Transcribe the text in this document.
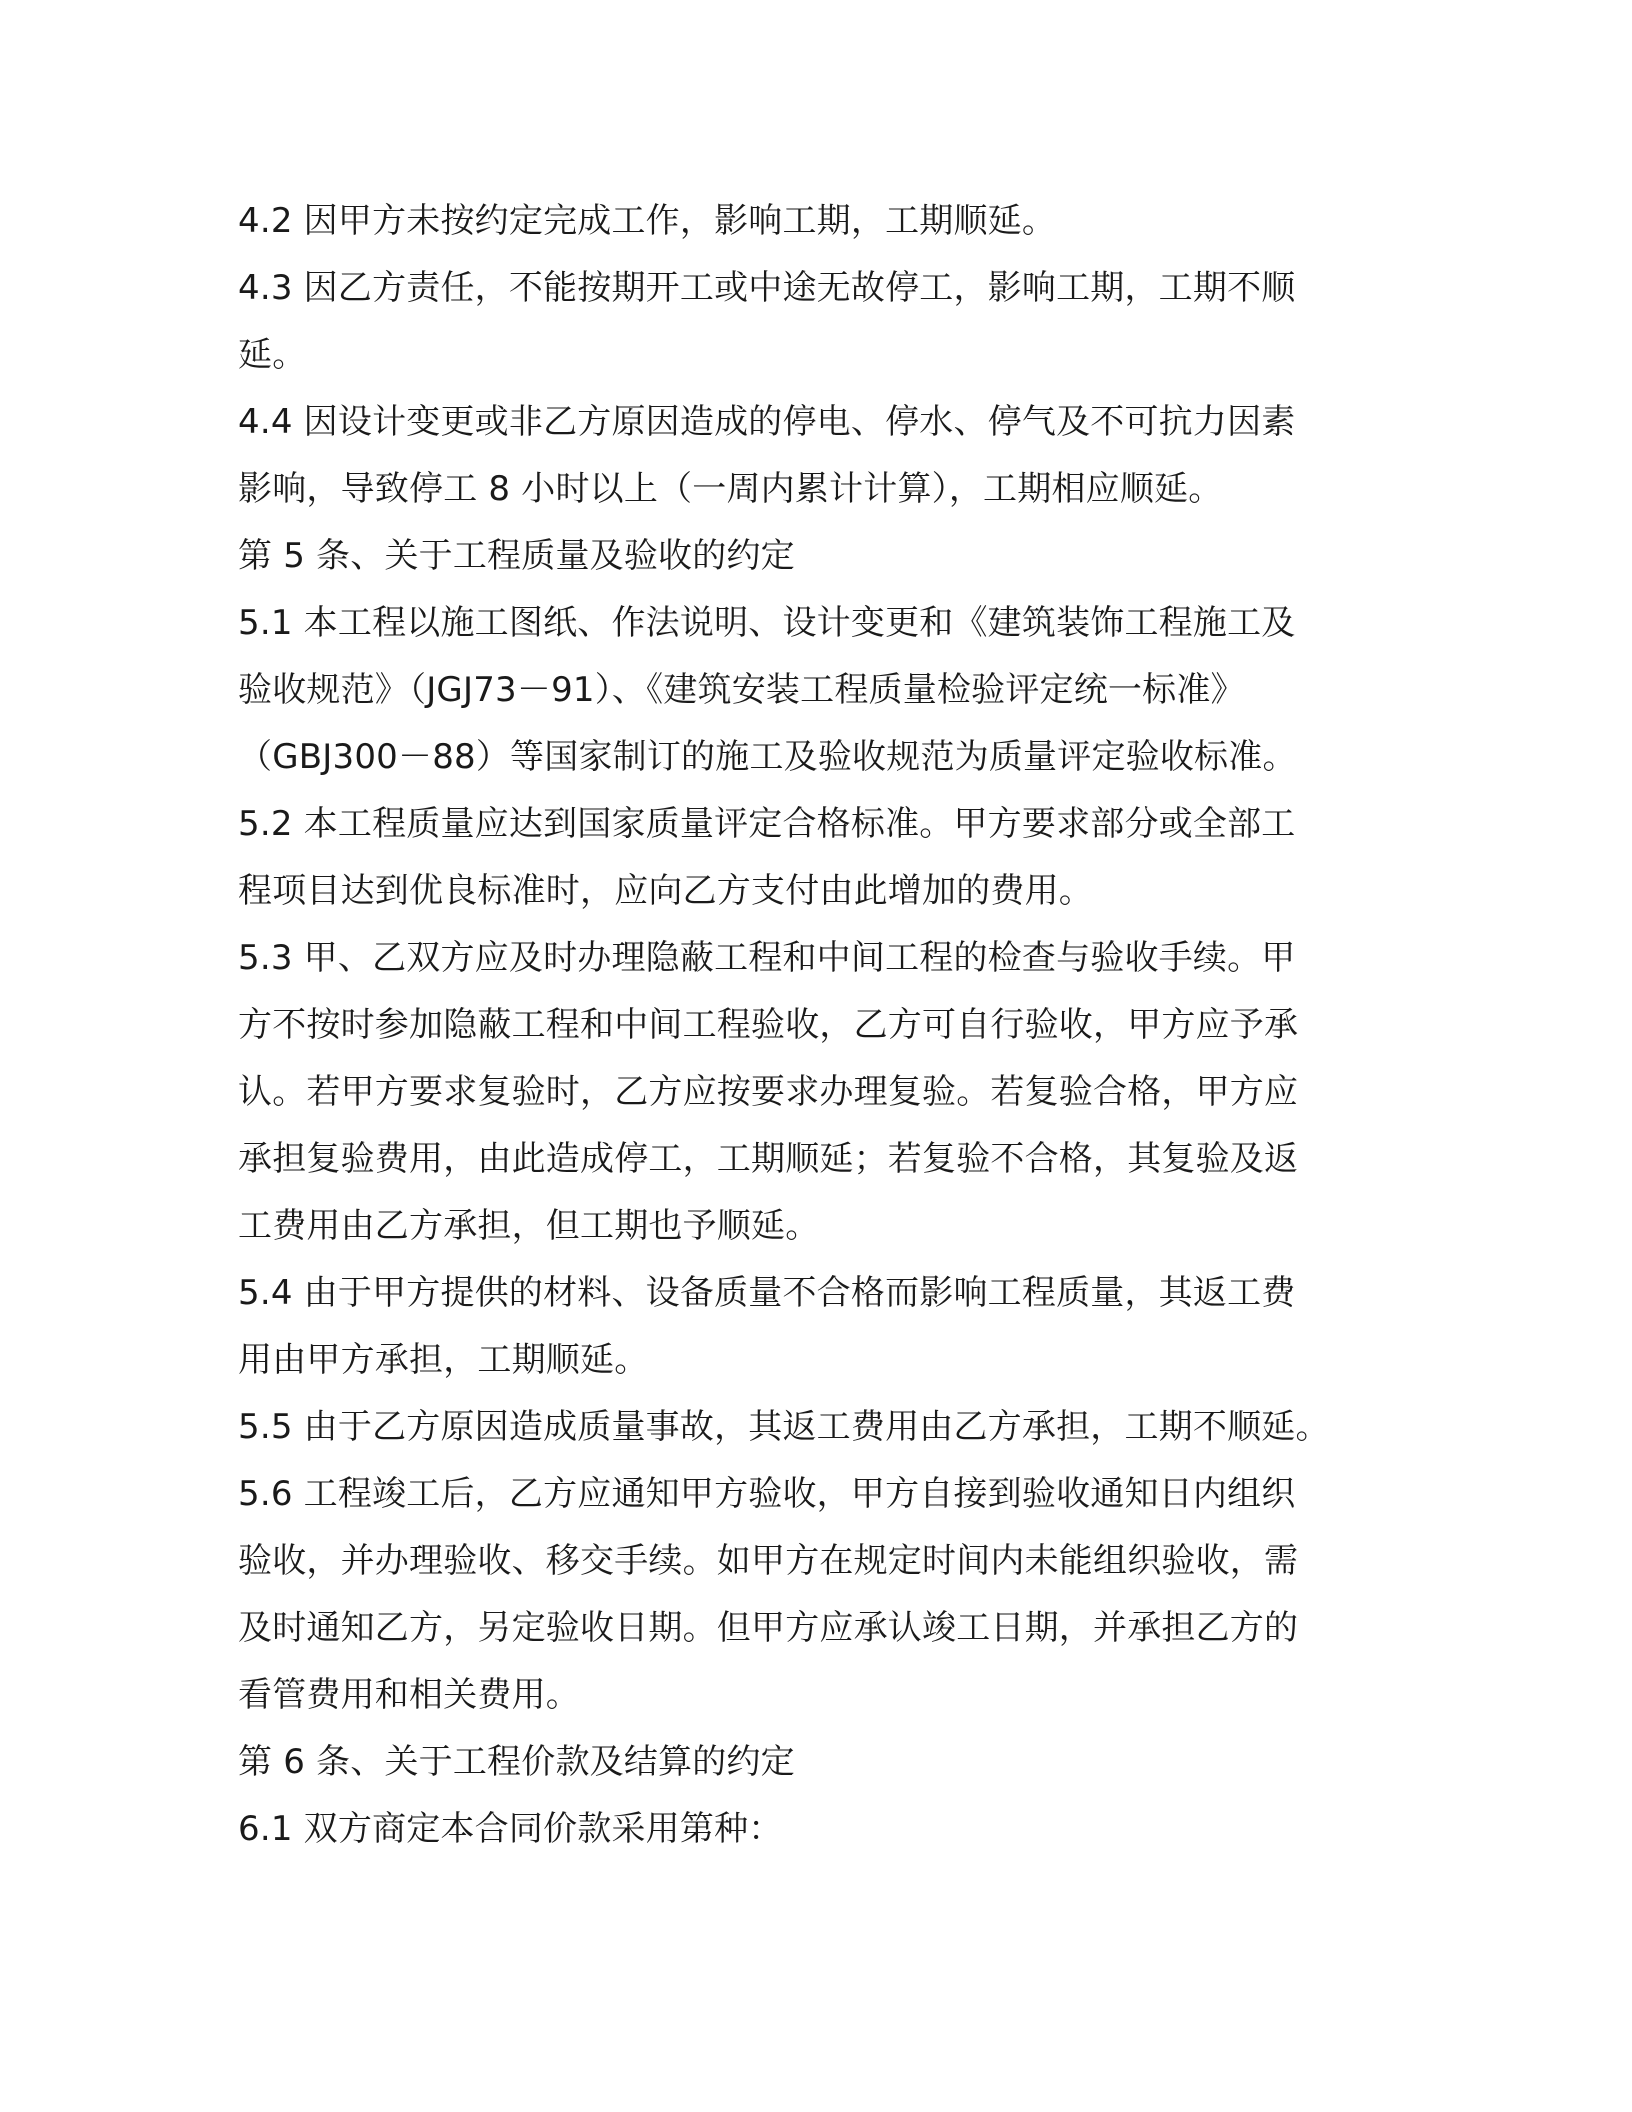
4.2 因甲方未按约定完成工作，影响工期，工期顺延。
4.3 因乙方责任，不能按期开工或中途无故停工，影响工期，工期不顺
延。
4.4 因设计变更或非乙方原因造成的停电、停水、停气及不可抗力因素
影响，导致停工 8 小时以上（一周内累计计算），工期相应顺延。
第 5 条、关于工程质量及验收的约定
5.1 本工程以施工图纸、作法说明、设计变更和《建筑装饰工程施工及
验收规范》（JGJ73－91）、《建筑安装工程质量检验评定统一标准》
（GBJ300－88）等国家制订的施工及验收规范为质量评定验收标准。
5.2 本工程质量应达到国家质量评定合格标准。甲方要求部分或全部工
程项目达到优良标准时，应向乙方支付由此增加的费用。
5.3 甲、乙双方应及时办理隐蔽工程和中间工程的检查与验收手续。甲
方不按时参加隐蔽工程和中间工程验收，乙方可自行验收，甲方应予承
认。若甲方要求复验时，乙方应按要求办理复验。若复验合格，甲方应
承担复验费用，由此造成停工，工期顺延；若复验不合格，其复验及返
工费用由乙方承担，但工期也予顺延。
5.4 由于甲方提供的材料、设备质量不合格而影响工程质量，其返工费
用由甲方承担，工期顺延。
5.5 由于乙方原因造成质量事故，其返工费用由乙方承担，工期不顺延。
5.6 工程竣工后，乙方应通知甲方验收，甲方自接到验收通知日内组织
验收，并办理验收、移交手续。如甲方在规定时间内未能组织验收，需
及时通知乙方，另定验收日期。但甲方应承认竣工日期，并承担乙方的
看管费用和相关费用。
第 6 条、关于工程价款及结算的约定
6.1 双方商定本合同价款采用第种：
